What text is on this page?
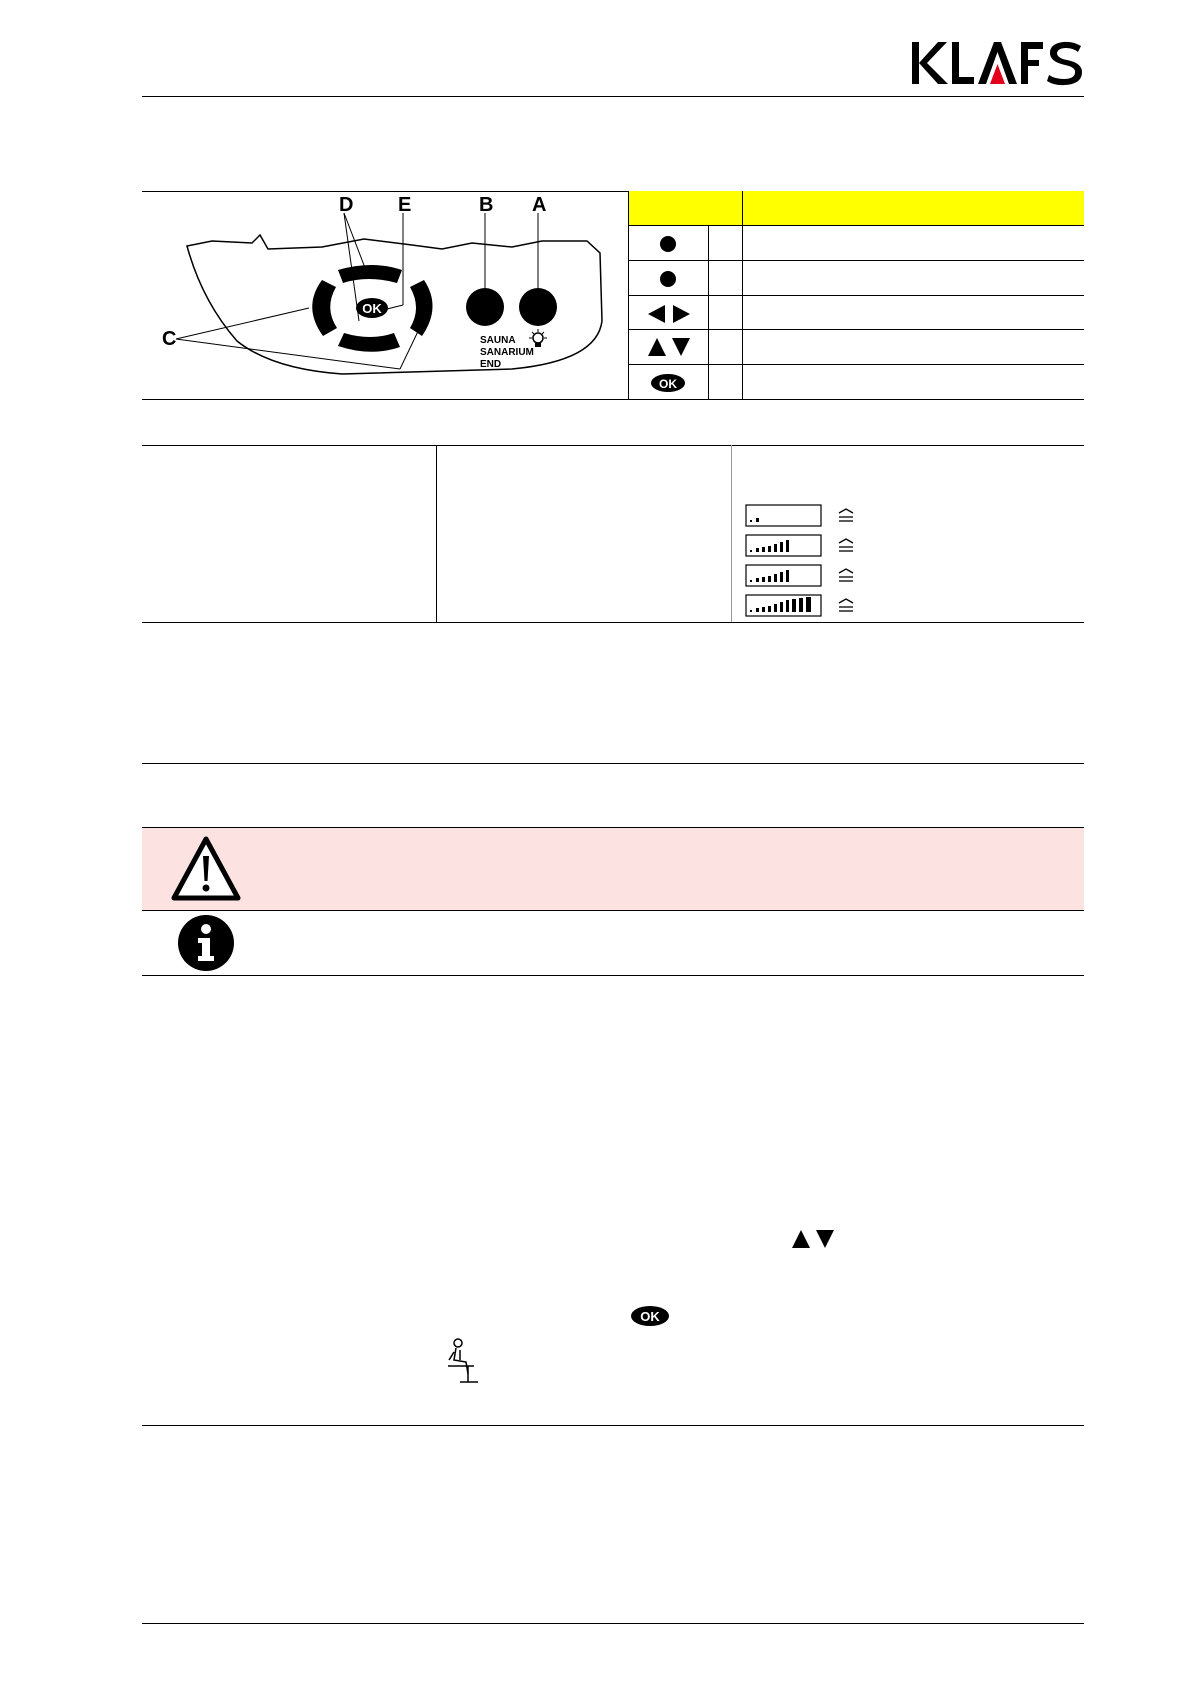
OK
D E	B A
C	SAUNA
SANARIUM
END
OK
OK
